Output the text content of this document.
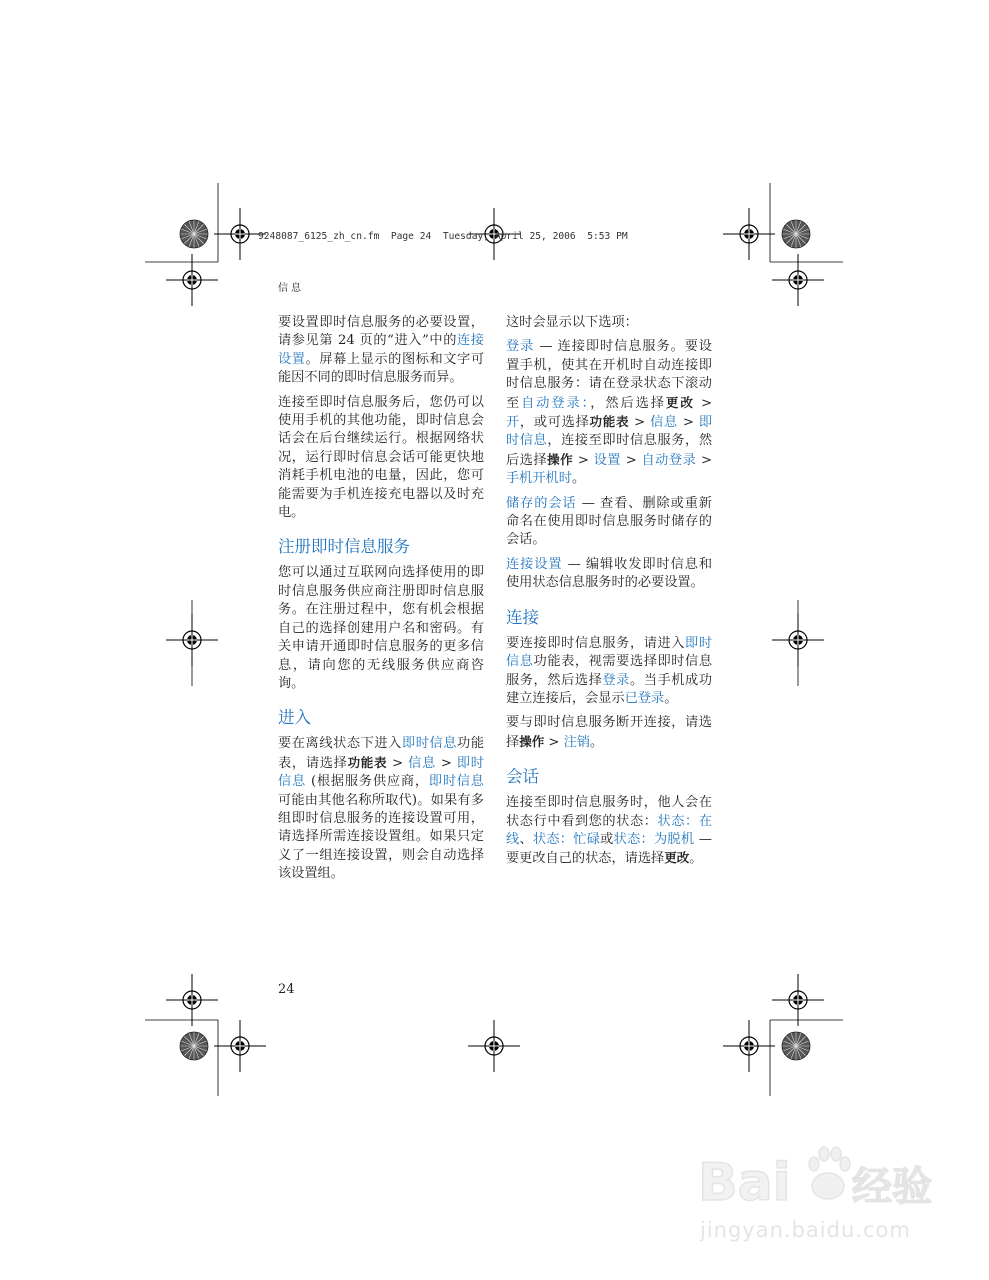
9248087_6125_zh_cn.fm  Page 24  Tuesday, April 25, 2006  5:53 PM
信息

要设置即时信息服务的必要设置，请参见第 24 页的“进入”中的连接设置。屏幕上显示的图标和文字可能因不同的即时信息服务而异。

连接至即时信息服务后，您仍可以使用手机的其他功能，即时信息会话会在后台继续运行。根据网络状况，运行即时信息会话可能更快地消耗手机电池的电量，因此，您可能需要为手机连接充电器以及时充电。

注册即时信息服务

您可以通过互联网向选择使用的即时信息服务供应商注册即时信息服务。在注册过程中，您有机会根据自己的选择创建用户名和密码。有关申请开通即时信息服务的更多信息，请向您的无线服务供应商咨询。

进入

要在离线状态下进入即时信息功能表，请选择功能表 > 信息 > 即时信息 (根据服务供应商，即时信息可能由其他名称所取代)。如果有多组即时信息服务的连接设置可用，请选择所需连接设置组。如果只定义了一组连接设置，则会自动选择该设置组。

这时会显示以下选项：

登录 — 连接即时信息服务。要设置手机，使其在开机时自动连接即时信息服务：请在登录状态下滚动至自动登录：，然后选择更改 > 开，或可选择功能表 > 信息 > 即时信息，连接至即时信息服务，然后选择操作 > 设置 > 自动登录 > 手机开机时。

储存的会话 — 查看、删除或重新命名在使用即时信息服务时储存的会话。

连接设置 — 编辑收发即时信息和使用状态信息服务时的必要设置。

连接

要连接即时信息服务，请进入即时信息功能表，视需要选择即时信息服务，然后选择登录。当手机成功建立连接后，会显示已登录。

要与即时信息服务断开连接，请选择操作 > 注销。

会话

连接至即时信息服务时，他人会在状态行中看到您的状态：状态：在线、状态：忙碌或状态：为脱机 — 要更改自己的状态，请选择更改。

24
Bai 经验
jingyan.baidu.com
